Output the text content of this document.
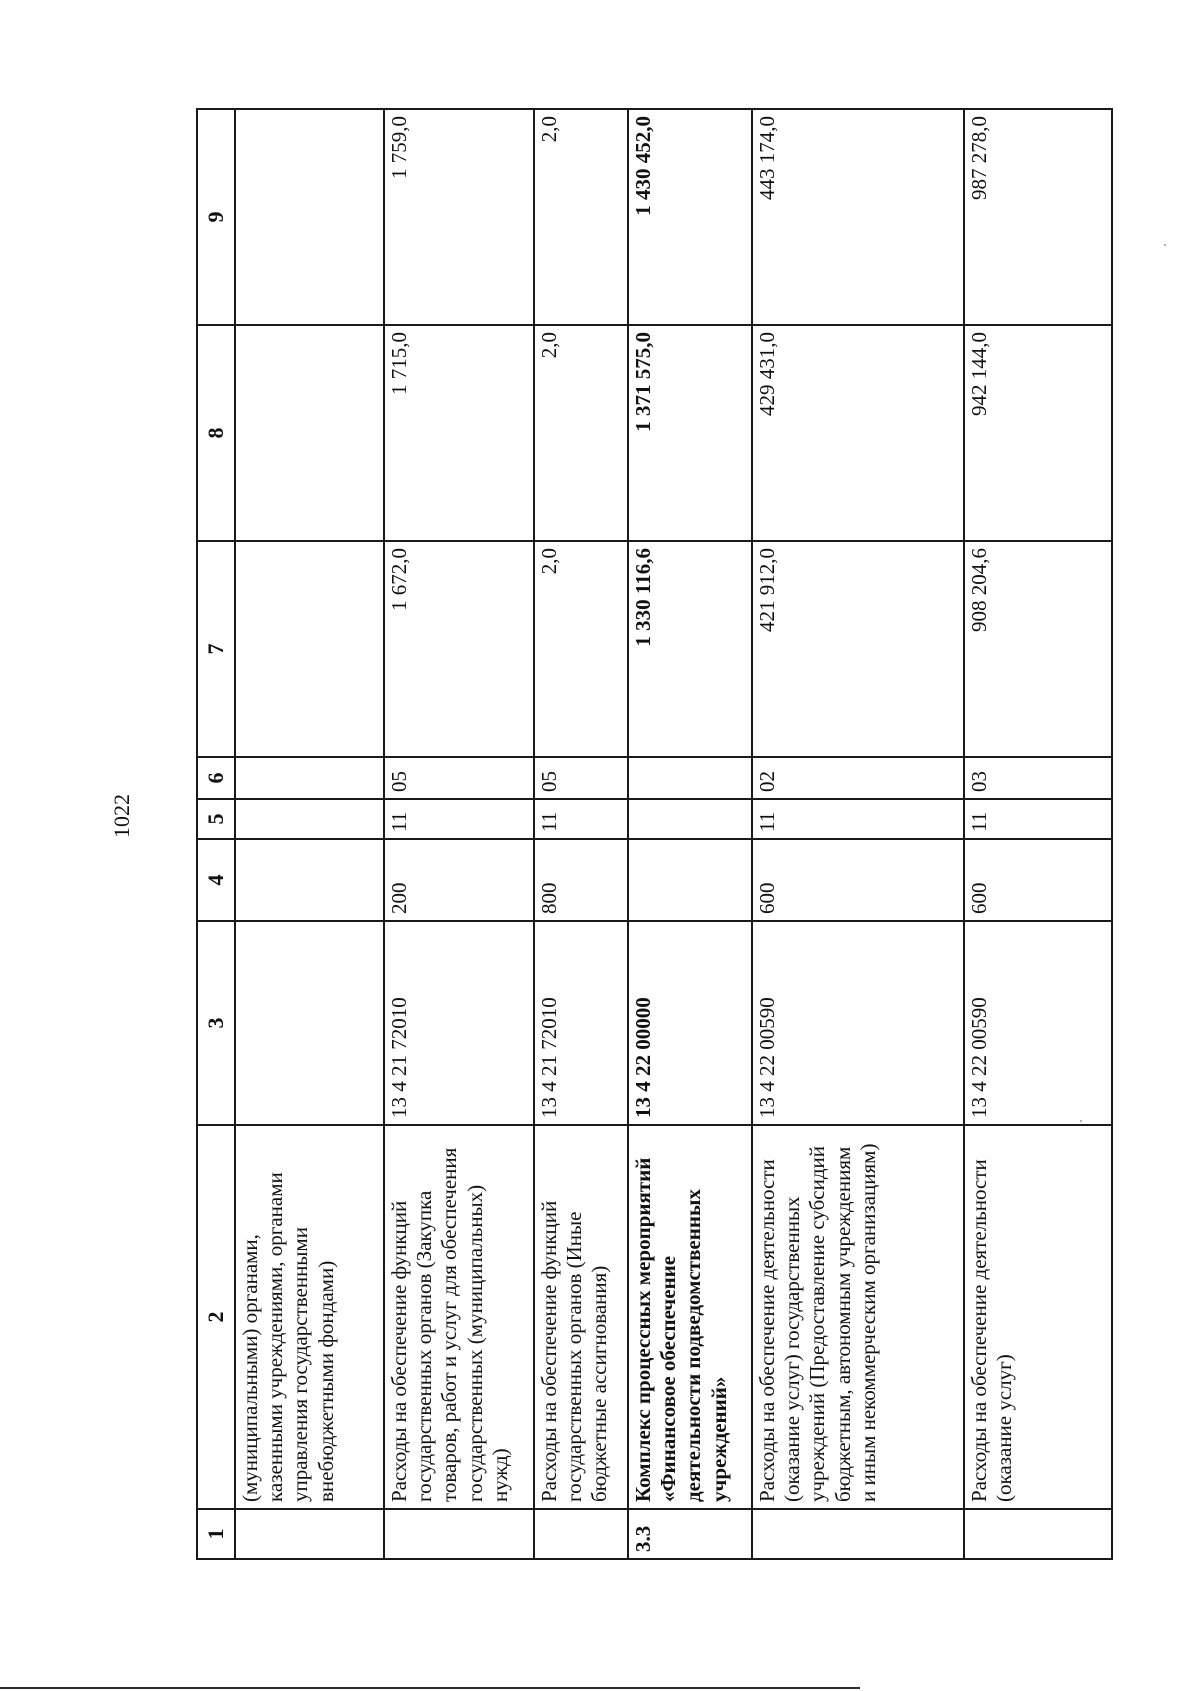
1022
1	2	3	4	5	6	7	8	9
	(муниципальными) органами, казенными учреждениями, органами управления государственными внебюджетными фондами)							
	Расходы на обеспечение функций государственных органов (Закупка товаров, работ и услуг для обеспечения государственных (муниципальных) нужд)	13 4 21 72010	200	11	05	1 672,0	1 715,0	1 759,0
	Расходы на обеспечение функций государственных органов (Иные бюджетные ассигнования)	13 4 21 72010	800	11	05	2,0	2,0	2,0
3.3	Комплекс процессных мероприятий «Финансовое обеспечение деятельности подведомственных учреждений»	13 4 22 00000				1 330 116,6	1 371 575,0	1 430 452,0
	Расходы на обеспечение деятельности (оказание услуг) государственных учреждений (Предоставление субсидий бюджетным, автономным учреждениям и иным некоммерческим организациям)	13 4 22 00590	600	11	02	421 912,0	429 431,0	443 174,0
	Расходы на обеспечение деятельности (оказание услуг)	13 4 22 00590	600	11	03	908 204,6	942 144,0	987 278,0
